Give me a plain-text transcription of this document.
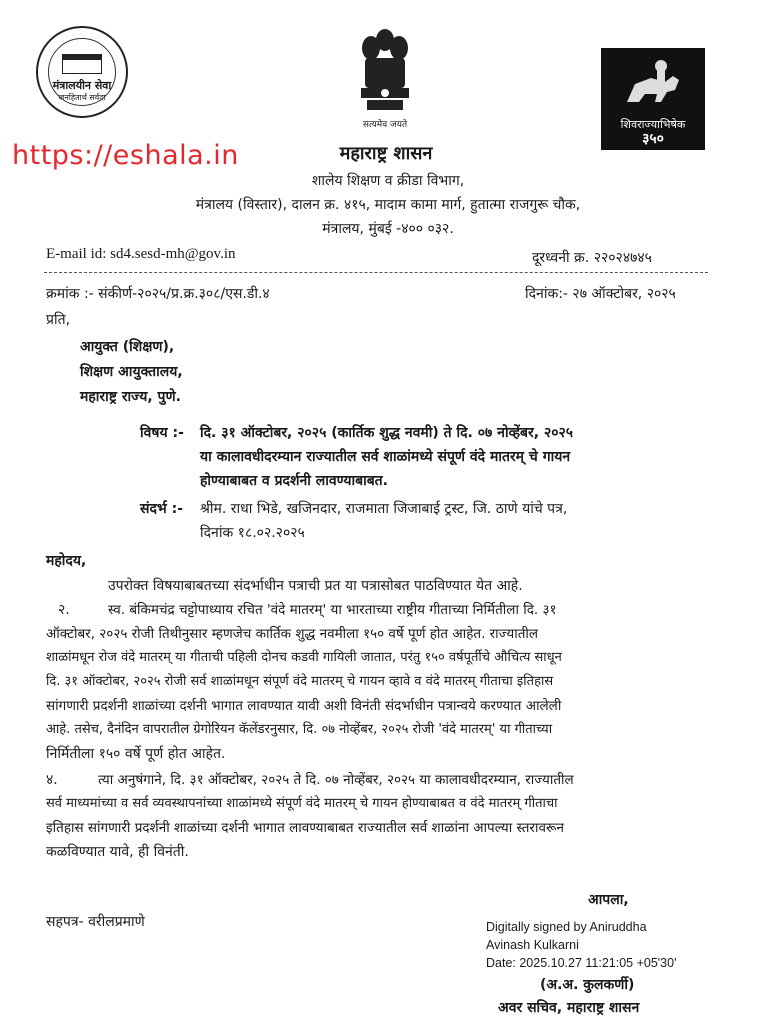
मंत्रालयीन सेवा
जनहितार्थ सर्वदा
सत्यमेव जयते	शिवराज्याभिषेक
३५०
https://eshala.in	महाराष्ट्र शासन
शालेय शिक्षण व क्रीडा विभाग,
मंत्रालय (विस्तार), दालन क्र. ४१५, मादाम कामा मार्ग, हुतात्मा राजगुरू चौक,
मंत्रालय, मुंबई -४०० ०३२.
E-mail id: sd4.sesd-mh@gov.in	दूरध्वनी क्र. २२०२४७४५
क्रमांक :- संकीर्ण-२०२५/प्र.क्र.३०८/एस.डी.४	दिनांक:- २७ ऑक्टोबर, २०२५
प्रति,
आयुक्त (शिक्षण),
शिक्षण आयुक्तालय,
महाराष्ट्र राज्य, पुणे.
विषय :- दि. ३१ ऑक्टोबर, २०२५ (कार्तिक शुद्ध नवमी) ते दि. ०७ नोव्हेंबर, २०२५
या कालावधीदरम्यान राज्यातील सर्व शाळांमध्ये संपूर्ण वंदे मातरम् चे गायन
होण्याबाबत व प्रदर्शनी लावण्याबाबत.
संदर्भ :- श्रीम. राधा भिडे, खजिनदार, राजमाता जिजाबाई ट्रस्ट, जि. ठाणे यांचे पत्र,
दिनांक १८.०२.२०२५
महोदय,
उपरोक्त विषयाबाबतच्या संदर्भाधीन पत्राची प्रत या पत्रासोबत पाठविण्यात येत आहे.
२.	स्व. बंकिमचंद्र चट्टोपाध्याय रचित 'वंदे मातरम्' या भारताच्या राष्ट्रीय गीताच्या निर्मितीला दि. ३१
ऑक्टोबर, २०२५ रोजी तिथीनुसार म्हणजेच कार्तिक शुद्ध नवमीला १५० वर्षे पूर्ण होत आहेत. राज्यातील
शाळांमधून रोज वंदे मातरम् या गीताची पहिली दोनच कडवी गायिली जातात, परंतु १५० वर्षपूर्तीचे औचित्य साधून
दि. ३१ ऑक्टोबर, २०२५ रोजी सर्व शाळांमधून संपूर्ण वंदे मातरम् चे गायन व्हावे व वंदे मातरम् गीताचा इतिहास
सांगणारी प्रदर्शनी शाळांच्या दर्शनी भागात लावण्यात यावी अशी विनंती संदर्भाधीन पत्रान्वये करण्यात आलेली
आहे. तसेच, दैनंदिन वापरातील ग्रेगोरियन कॅलेंडरनुसार, दि. ०७ नोव्हेंबर, २०२५ रोजी 'वंदे मातरम्' या गीताच्या
निर्मितीला १५० वर्षे पूर्ण होत आहेत.
४.	त्या अनुषंगाने, दि. ३१ ऑक्टोबर, २०२५ ते दि. ०७ नोव्हेंबर, २०२५ या कालावधीदरम्यान, राज्यातील
सर्व माध्यमांच्या व सर्व व्यवस्थापनांच्या शाळांमध्ये संपूर्ण वंदे मातरम् चे गायन होण्याबाबत व वंदे मातरम् गीताचा
इतिहास सांगणारी प्रदर्शनी शाळांच्या दर्शनी भागात लावण्याबाबत राज्यातील सर्व शाळांना आपल्या स्तरावरून
कळविण्यात यावे, ही विनंती.
आपला,
सहपत्र- वरीलप्रमाणे	Digitally signed by Aniruddha
Avinash Kulkarni
Date: 2025.10.27 11:21:05 +05'30'
(अ.अ. कुलकर्णी)
अवर सचिव, महाराष्ट्र शासन
